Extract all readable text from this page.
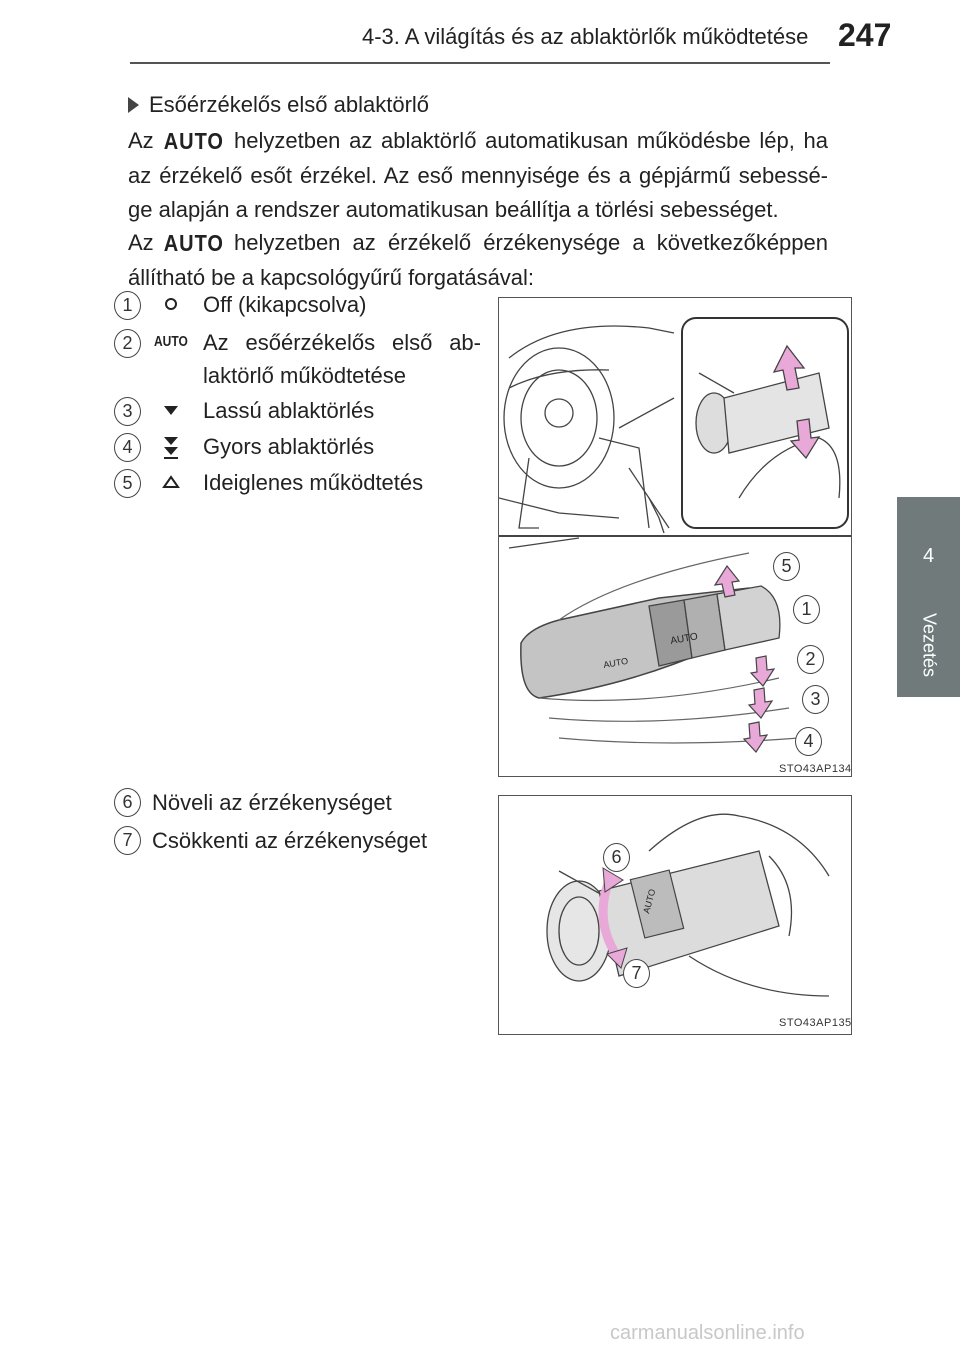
4-3. A világítás és az ablaktörlők működtetése 247
4
Vezetés
Esőérzékelős első ablaktörlő
Az AUTO helyzetben az ablaktörlő automatikusan működésbe lép, ha az érzékelő esőt érzékel. Az eső mennyisége és a gépjármű sebessé-ge alapján a rendszer automatikusan beállítja a törlési sebességet.
Az AUTO helyzetben az érzékelő érzékenysége a következőképpen állítható be a kapcsológyűrű forgatásával:
1	Off (kikapcsolva)
2	AUTO Az esőérzékelős első ab-laktörlő működtetése
3	Lassú ablaktörlés
4	Gyors ablaktörlés
5	Ideiglenes működtetés
AUTO
AUTO
5
1
2
3
4
STO43AP134
6 Növeli az érzékenységet
7 Csökkenti az érzékenységet
AUTO
6
7
STO43AP135
carmanualsonline.info
